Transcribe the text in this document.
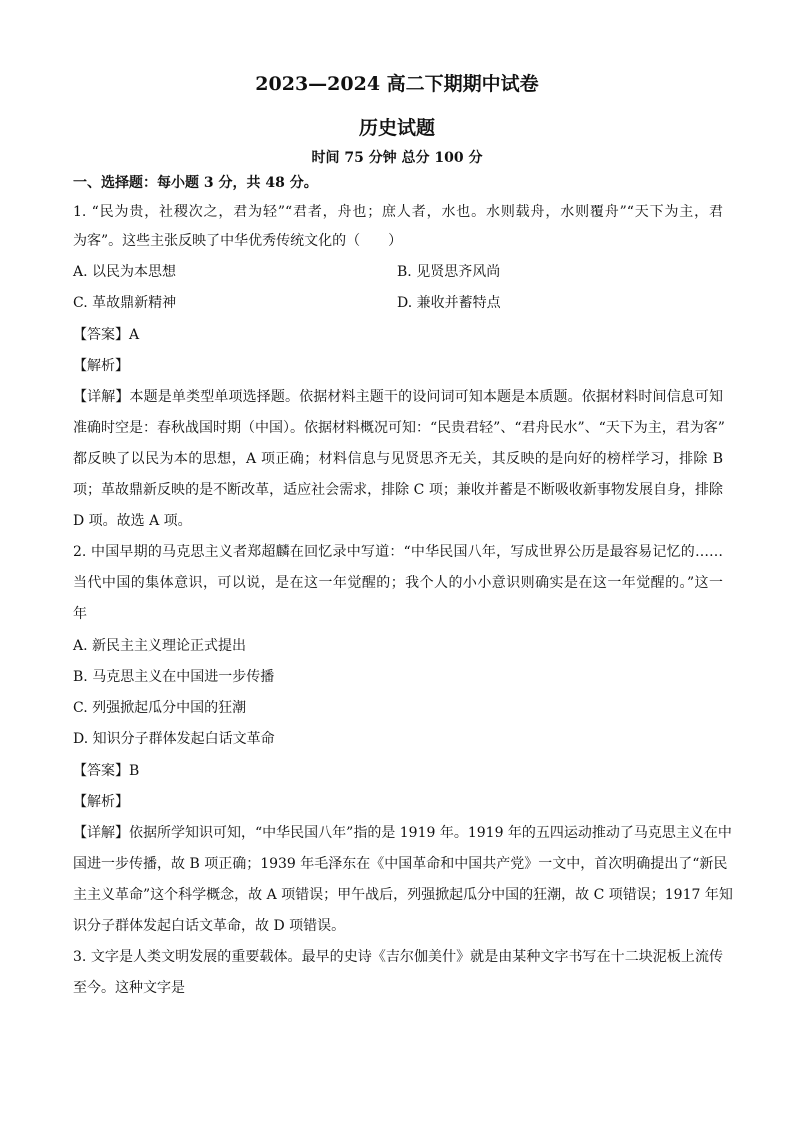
2023—2024 高二下期期中试卷
历史试题
时间 75 分钟 总分 100 分
一、选择题：每小题 3 分，共 48 分。
1. “民为贵，社稷次之，君为轻”“君者，舟也；庶人者，水也。水则载舟，水则覆舟”“天下为主，君
为客”。这些主张反映了中华优秀传统文化的（　　）
A. 以民为本思想	B. 见贤思齐风尚
C. 革故鼎新精神	D. 兼收并蓄特点
【答案】A
【解析】
【详解】本题是单类型单项选择题。依据材料主题干的设问词可知本题是本质题。依据材料时间信息可知
准确时空是：春秋战国时期（中国）。依据材料概况可知：“民贵君轻”、“君舟民水”、“天下为主，君为客”
都反映了以民为本的思想，A 项正确；材料信息与见贤思齐无关，其反映的是向好的榜样学习，排除 B
项；革故鼎新反映的是不断改革，适应社会需求，排除 C 项；兼收并蓄是不断吸收新事物发展自身，排除
D 项。故选 A 项。
2. 中国早期的马克思主义者郑超麟在回忆录中写道：“中华民国八年，写成世界公历是最容易记忆的……
当代中国的集体意识，可以说，是在这一年觉醒的；我个人的小小意识则确实是在这一年觉醒的。”这一
年
A. 新民主主义理论正式提出
B. 马克思主义在中国进一步传播
C. 列强掀起瓜分中国的狂潮
D. 知识分子群体发起白话文革命
【答案】B
【解析】
【详解】依据所学知识可知，“中华民国八年”指的是 1919 年。1919 年的五四运动推动了马克思主义在中
国进一步传播，故 B 项正确；1939 年毛泽东在《中国革命和中国共产党》一文中，首次明确提出了“新民
主主义革命”这个科学概念，故 A 项错误；甲午战后，列强掀起瓜分中国的狂潮，故 C 项错误；1917 年知
识分子群体发起白话文革命，故 D 项错误。
3. 文字是人类文明发展的重要载体。最早的史诗《吉尔伽美什》就是由某种文字书写在十二块泥板上流传
至今。这种文字是
